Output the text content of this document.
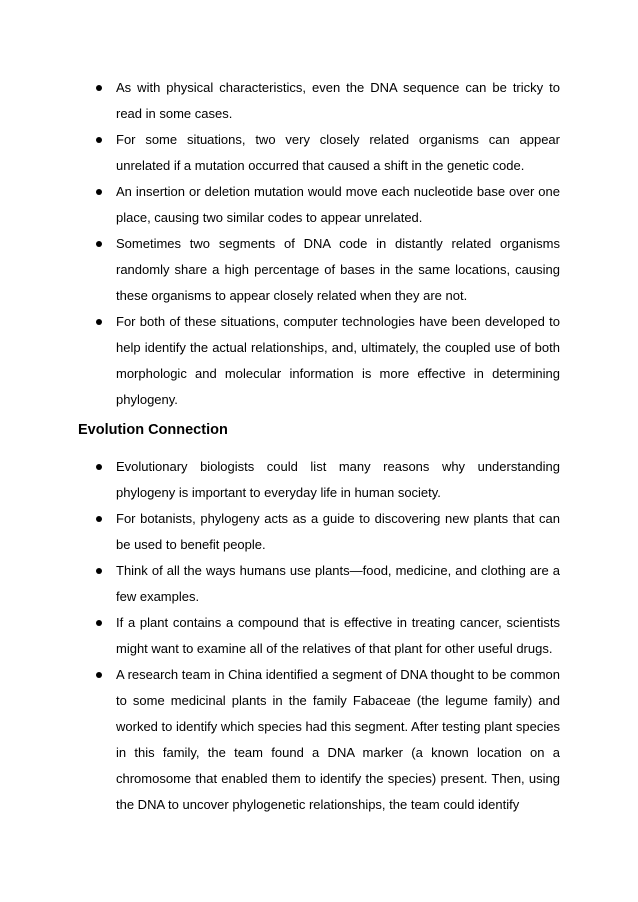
As with physical characteristics, even the DNA sequence can be tricky to read in some cases.
For some situations, two very closely related organisms can appear unrelated if a mutation occurred that caused a shift in the genetic code.
An insertion or deletion mutation would move each nucleotide base over one place, causing two similar codes to appear unrelated.
Sometimes two segments of DNA code in distantly related organisms randomly share a high percentage of bases in the same locations, causing these organisms to appear closely related when they are not.
For both of these situations, computer technologies have been developed to help identify the actual relationships, and, ultimately, the coupled use of both morphologic and molecular information is more effective in determining phylogeny.
Evolution Connection
Evolutionary biologists could list many reasons why understanding phylogeny is important to everyday life in human society.
For botanists, phylogeny acts as a guide to discovering new plants that can be used to benefit people.
Think of all the ways humans use plants—food, medicine, and clothing are a few examples.
If a plant contains a compound that is effective in treating cancer, scientists might want to examine all of the relatives of that plant for other useful drugs.
A research team in China identified a segment of DNA thought to be common to some medicinal plants in the family Fabaceae (the legume family) and worked to identify which species had this segment. After testing plant species in this family, the team found a DNA marker (a known location on a chromosome that enabled them to identify the species) present. Then, using the DNA to uncover phylogenetic relationships, the team could identify
